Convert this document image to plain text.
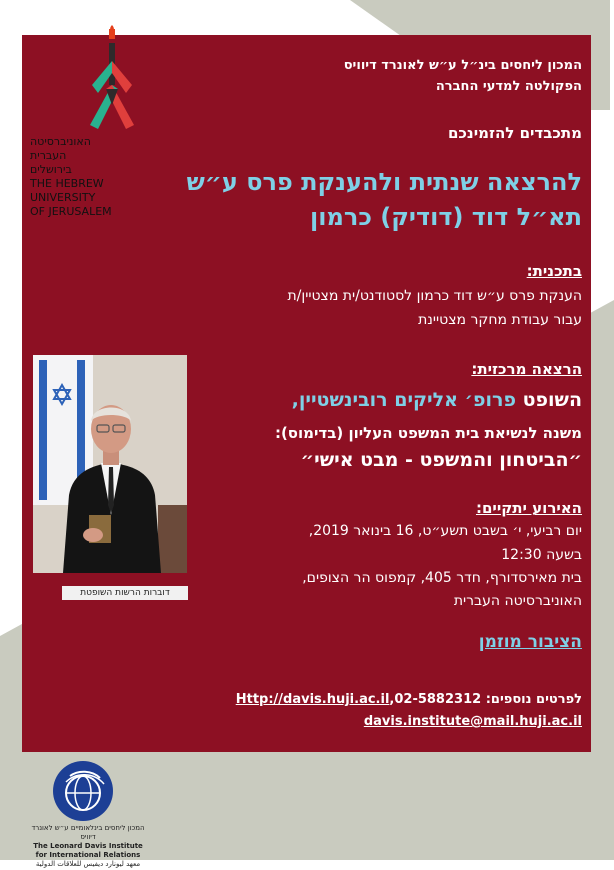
האוניברסיטה
העברית
בירושלים
THE HEBREW
UNIVERSITY
OF JERUSALEM
המכון ליחסים בינ״ל ע״ש לאונרד דיוויס
הפקולטה למדעי החברה
מתכבדים להזמינכם
להרצאה שנתית ולהענקת פרס ע״ש
תא״ל דוד (דודיק) כרמון
בתכנית:
הענקת פרס ע״ש דוד כרמון לסטודנט/ית מצטיין/ת
עבור עבודת מחקר מצטיינת
הרצאה מרכזית:
השופט פרופ׳ אליקים רובינשטיין,
משנה לנשיאת בית המשפט העליון (בדימוס):
״הביטחון והמשפט - מבט אישי״
האירוע יתקיים:
יום רביעי, י׳ בשבט תשע״ט, 16 בינואר 2019,
בשעה 12:30
בית מאירסדורף, חדר 405, קמפוס הר הצופים,
האוניברסיטה העברית
הציבור מוזמן
לפרטים נוספים: 02-5882312,Http://davis.huji.ac.il
davis.institute@mail.huji.ac.il
דוברות הרשות השופטת
המכון ליחסים בינלאומיים ע״ש לאונרד דיוויס
The Leonard Davis Institute for International Relations
معهد ليونارد ديفيس للعلاقات الدولية
